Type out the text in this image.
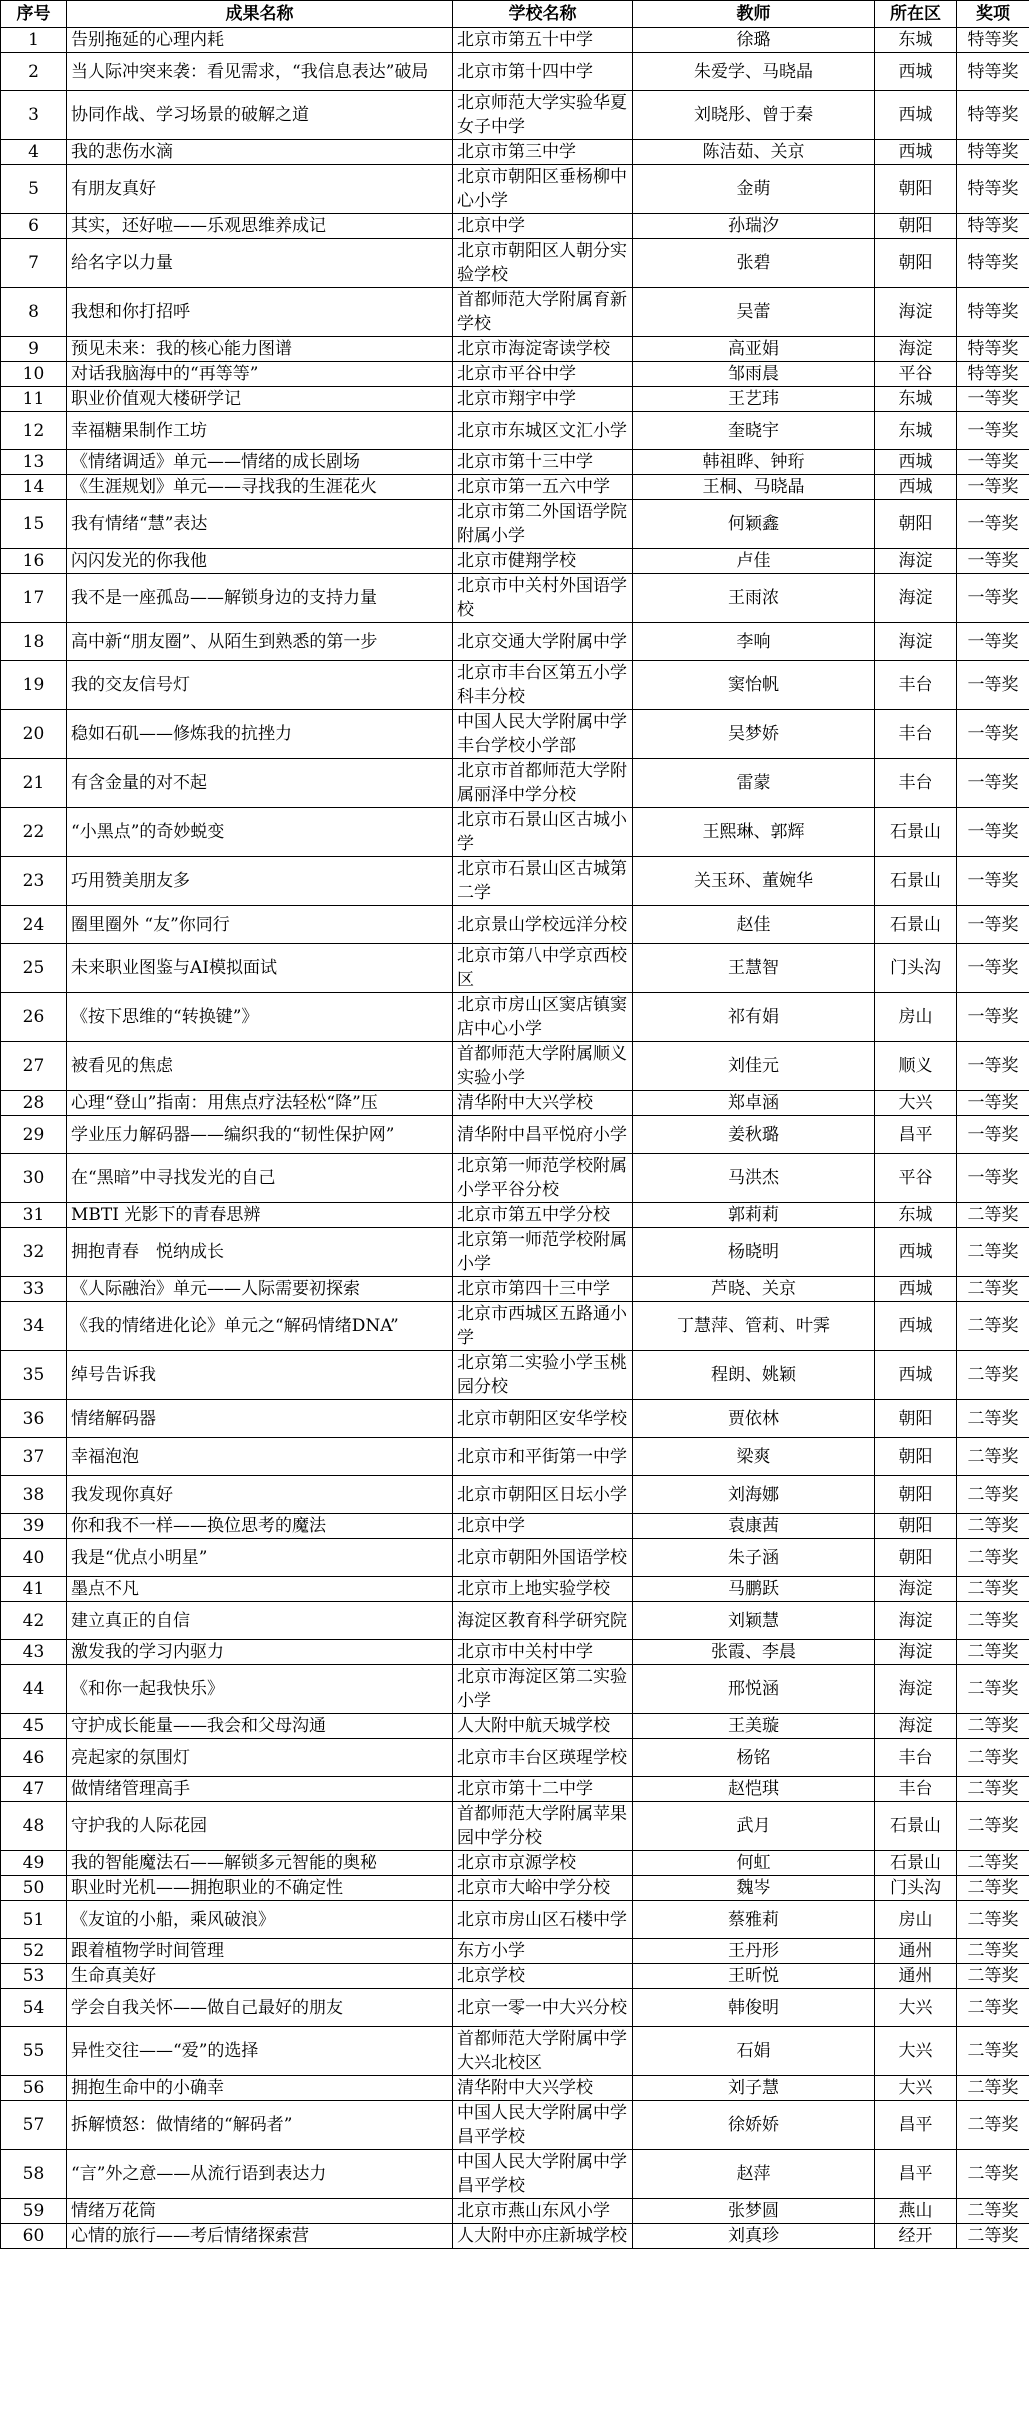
序号	成果名称	学校名称	教师	所在区	奖项
1	告别拖延的心理内耗	北京市第五十中学	徐璐	东城	特等奖
2	当人际冲突来袭：看见需求，“我信息表达”破局	北京市第十四中学	朱爱学、马晓晶	西城	特等奖
3	协同作战、学习场景的破解之道	北京师范大学实验华夏女子中学	刘晓彤、曾于秦	西城	特等奖
4	我的悲伤水滴	北京市第三中学	陈洁茹、关京	西城	特等奖
5	有朋友真好	北京市朝阳区垂杨柳中心小学	金萌	朝阳	特等奖
6	其实，还好啦——乐观思维养成记	北京中学	孙瑞汐	朝阳	特等奖
7	给名字以力量	北京市朝阳区人朝分实验学校	张碧	朝阳	特等奖
8	我想和你打招呼	首都师范大学附属育新学校	吴蕾	海淀	特等奖
9	预见未来：我的核心能力图谱	北京市海淀寄读学校	高亚娟	海淀	特等奖
10	对话我脑海中的“再等等”	北京市平谷中学	邹雨晨	平谷	特等奖
11	职业价值观大楼研学记	北京市翔宇中学	王艺玮	东城	一等奖
12	幸福糖果制作工坊	北京市东城区文汇小学	奎晓宇	东城	一等奖
13	《情绪调适》单元——情绪的成长剧场	北京市第十三中学	韩祖晔、钟珩	西城	一等奖
14	《生涯规划》单元——寻找我的生涯花火	北京市第一五六中学	王桐、马晓晶	西城	一等奖
15	我有情绪“慧”表达	北京市第二外国语学院附属小学	何颖鑫	朝阳	一等奖
16	闪闪发光的你我他	北京市健翔学校	卢佳	海淀	一等奖
17	我不是一座孤岛——解锁身边的支持力量	北京市中关村外国语学校	王雨浓	海淀	一等奖
18	高中新“朋友圈”、从陌生到熟悉的第一步	北京交通大学附属中学	李响	海淀	一等奖
19	我的交友信号灯	北京市丰台区第五小学科丰分校	窦怡帆	丰台	一等奖
20	稳如石矶——修炼我的抗挫力	中国人民大学附属中学丰台学校小学部	吴梦娇	丰台	一等奖
21	有含金量的对不起	北京市首都师范大学附属丽泽中学分校	雷蒙	丰台	一等奖
22	“小黑点”的奇妙蜕变	北京市石景山区古城小学	王熙琳、郭辉	石景山	一等奖
23	巧用赞美朋友多	北京市石景山区古城第二学	关玉环、董婉华	石景山	一等奖
24	圈里圈外 “友”你同行	北京景山学校远洋分校	赵佳	石景山	一等奖
25	未来职业图鉴与AI模拟面试	北京市第八中学京西校区	王慧智	门头沟	一等奖
26	《按下思维的“转换键”》	北京市房山区窦店镇窦店中心小学	祁有娟	房山	一等奖
27	被看见的焦虑	首都师范大学附属顺义实验小学	刘佳元	顺义	一等奖
28	心理“登山”指南：用焦点疗法轻松“降”压	清华附中大兴学校	郑卓涵	大兴	一等奖
29	学业压力解码器——编织我的“韧性保护网”	清华附中昌平悦府小学	姜秋璐	昌平	一等奖
30	在“黑暗”中寻找发光的自己	北京第一师范学校附属小学平谷分校	马洪杰	平谷	一等奖
31	MBTI 光影下的青春思辨	北京市第五中学分校	郭莉莉	东城	二等奖
32	拥抱青春　悦纳成长	北京第一师范学校附属小学	杨晓明	西城	二等奖
33	《人际融治》单元——人际需要初探索	北京市第四十三中学	芦晓、关京	西城	二等奖
34	《我的情绪进化论》单元之“解码情绪DNA”	北京市西城区五路通小学	丁慧萍、管莉、叶霁	西城	二等奖
35	绰号告诉我	北京第二实验小学玉桃园分校	程朗、姚颖	西城	二等奖
36	情绪解码器	北京市朝阳区安华学校	贾依林	朝阳	二等奖
37	幸福泡泡	北京市和平街第一中学	梁爽	朝阳	二等奖
38	我发现你真好	北京市朝阳区日坛小学	刘海娜	朝阳	二等奖
39	你和我不一样——换位思考的魔法	北京中学	袁康茜	朝阳	二等奖
40	我是“优点小明星”	北京市朝阳外国语学校	朱子涵	朝阳	二等奖
41	墨点不凡	北京市上地实验学校	马鹏跃	海淀	二等奖
42	建立真正的自信	海淀区教育科学研究院	刘颖慧	海淀	二等奖
43	激发我的学习内驱力	北京市中关村中学	张霞、李晨	海淀	二等奖
44	《和你一起我快乐》	北京市海淀区第二实验小学	邢悦涵	海淀	二等奖
45	守护成长能量——我会和父母沟通	人大附中航天城学校	王美璇	海淀	二等奖
46	亮起家的氛围灯	北京市丰台区瑛瑆学校	杨铭	丰台	二等奖
47	做情绪管理高手	北京市第十二中学	赵恺琪	丰台	二等奖
48	守护我的人际花园	首都师范大学附属苹果园中学分校	武月	石景山	二等奖
49	我的智能魔法石——解锁多元智能的奥秘	北京市京源学校	何虹	石景山	二等奖
50	职业时光机——拥抱职业的不确定性	北京市大峪中学分校	魏岑	门头沟	二等奖
51	《友谊的小船，乘风破浪》	北京市房山区石楼中学	蔡雅莉	房山	二等奖
52	跟着植物学时间管理	东方小学	王丹形	通州	二等奖
53	生命真美好	北京学校	王昕悦	通州	二等奖
54	学会自我关怀——做自己最好的朋友	北京一零一中大兴分校	韩俊明	大兴	二等奖
55	异性交往——“爱”的选择	首都师范大学附属中学大兴北校区	石娟	大兴	二等奖
56	拥抱生命中的小确幸	清华附中大兴学校	刘子慧	大兴	二等奖
57	拆解愤怒：做情绪的“解码者”	中国人民大学附属中学昌平学校	徐娇娇	昌平	二等奖
58	“言”外之意——从流行语到表达力	中国人民大学附属中学昌平学校	赵萍	昌平	二等奖
59	情绪万花筒	北京市燕山东风小学	张梦圆	燕山	二等奖
60	心情的旅行——考后情绪探索营	人大附中亦庄新城学校	刘真珍	经开	二等奖
